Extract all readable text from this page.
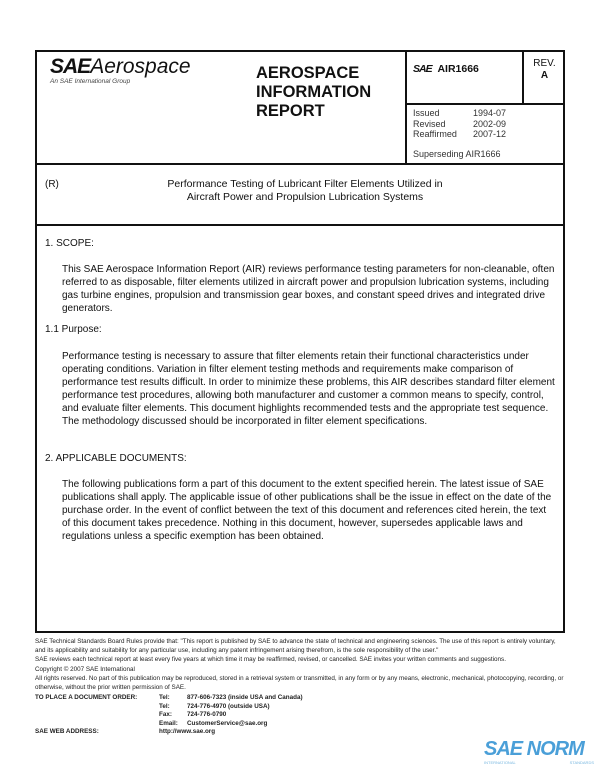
SAEAerospace
An SAE International Group	AEROSPACE
INFORMATION
REPORT
SAE AIR1666	REV.
A
Issued	1994-07
Revised	2002-09
Reaffirmed	2007-12
Superseding AIR1666
(R)	Performance Testing of Lubricant Filter Elements Utilized in
Aircraft Power and Propulsion Lubrication Systems
1. SCOPE:
This SAE Aerospace Information Report (AIR) reviews performance testing parameters for non-cleanable, often referred to as disposable, filter elements utilized in aircraft power and propulsion lubrication systems, including gas turbine engines, propulsion and transmission gear boxes, and constant speed drives and integrated drive generators.
1.1 Purpose:
Performance testing is necessary to assure that filter elements retain their functional characteristics under operating conditions. Variation in filter element testing methods and requirements make comparison of performance test results difficult. In order to minimize these problems, this AIR describes standard filter element performance test procedures, allowing both manufacturer and customer a common means to specify, control, and evaluate filter elements. This document highlights recommended tests and the appropriate test sequence. The methodology discussed should be incorporated in filter element specifications.
2. APPLICABLE DOCUMENTS:
The following publications form a part of this document to the extent specified herein. The latest issue of SAE publications shall apply. The applicable issue of other publications shall be the issue in effect on the date of the purchase order. In the event of conflict between the text of this document and references cited herein, the text of this document takes precedence. Nothing in this document, however, supersedes applicable laws and regulations unless a specific exemption has been obtained.
SAE Technical Standards Board Rules provide that: "This report is published by SAE to advance the state of technical and engineering sciences. The use of this report is entirely voluntary, and its applicability and suitability for any particular use, including any patent infringement arising therefrom, is the sole responsibility of the user."
SAE reviews each technical report at least every five years at which time it may be reaffirmed, revised, or cancelled. SAE invites your written comments and suggestions.
Copyright © 2007 SAE International
All rights reserved. No part of this publication may be reproduced, stored in a retrieval system or transmitted, in any form or by any means, electronic, mechanical, photocopying, recording, or otherwise, without the prior written permission of SAE.
TO PLACE A DOCUMENT ORDER:	Tel:	877-606-7323 (inside USA and Canada)
Tel:	724-776-4970 (outside USA)
Fax:	724-776-0790
Email:	CustomerService@sae.org
SAE WEB ADDRESS:	http://www.sae.org
SAE NORM
INTERNATIONAL	STANDARDS
